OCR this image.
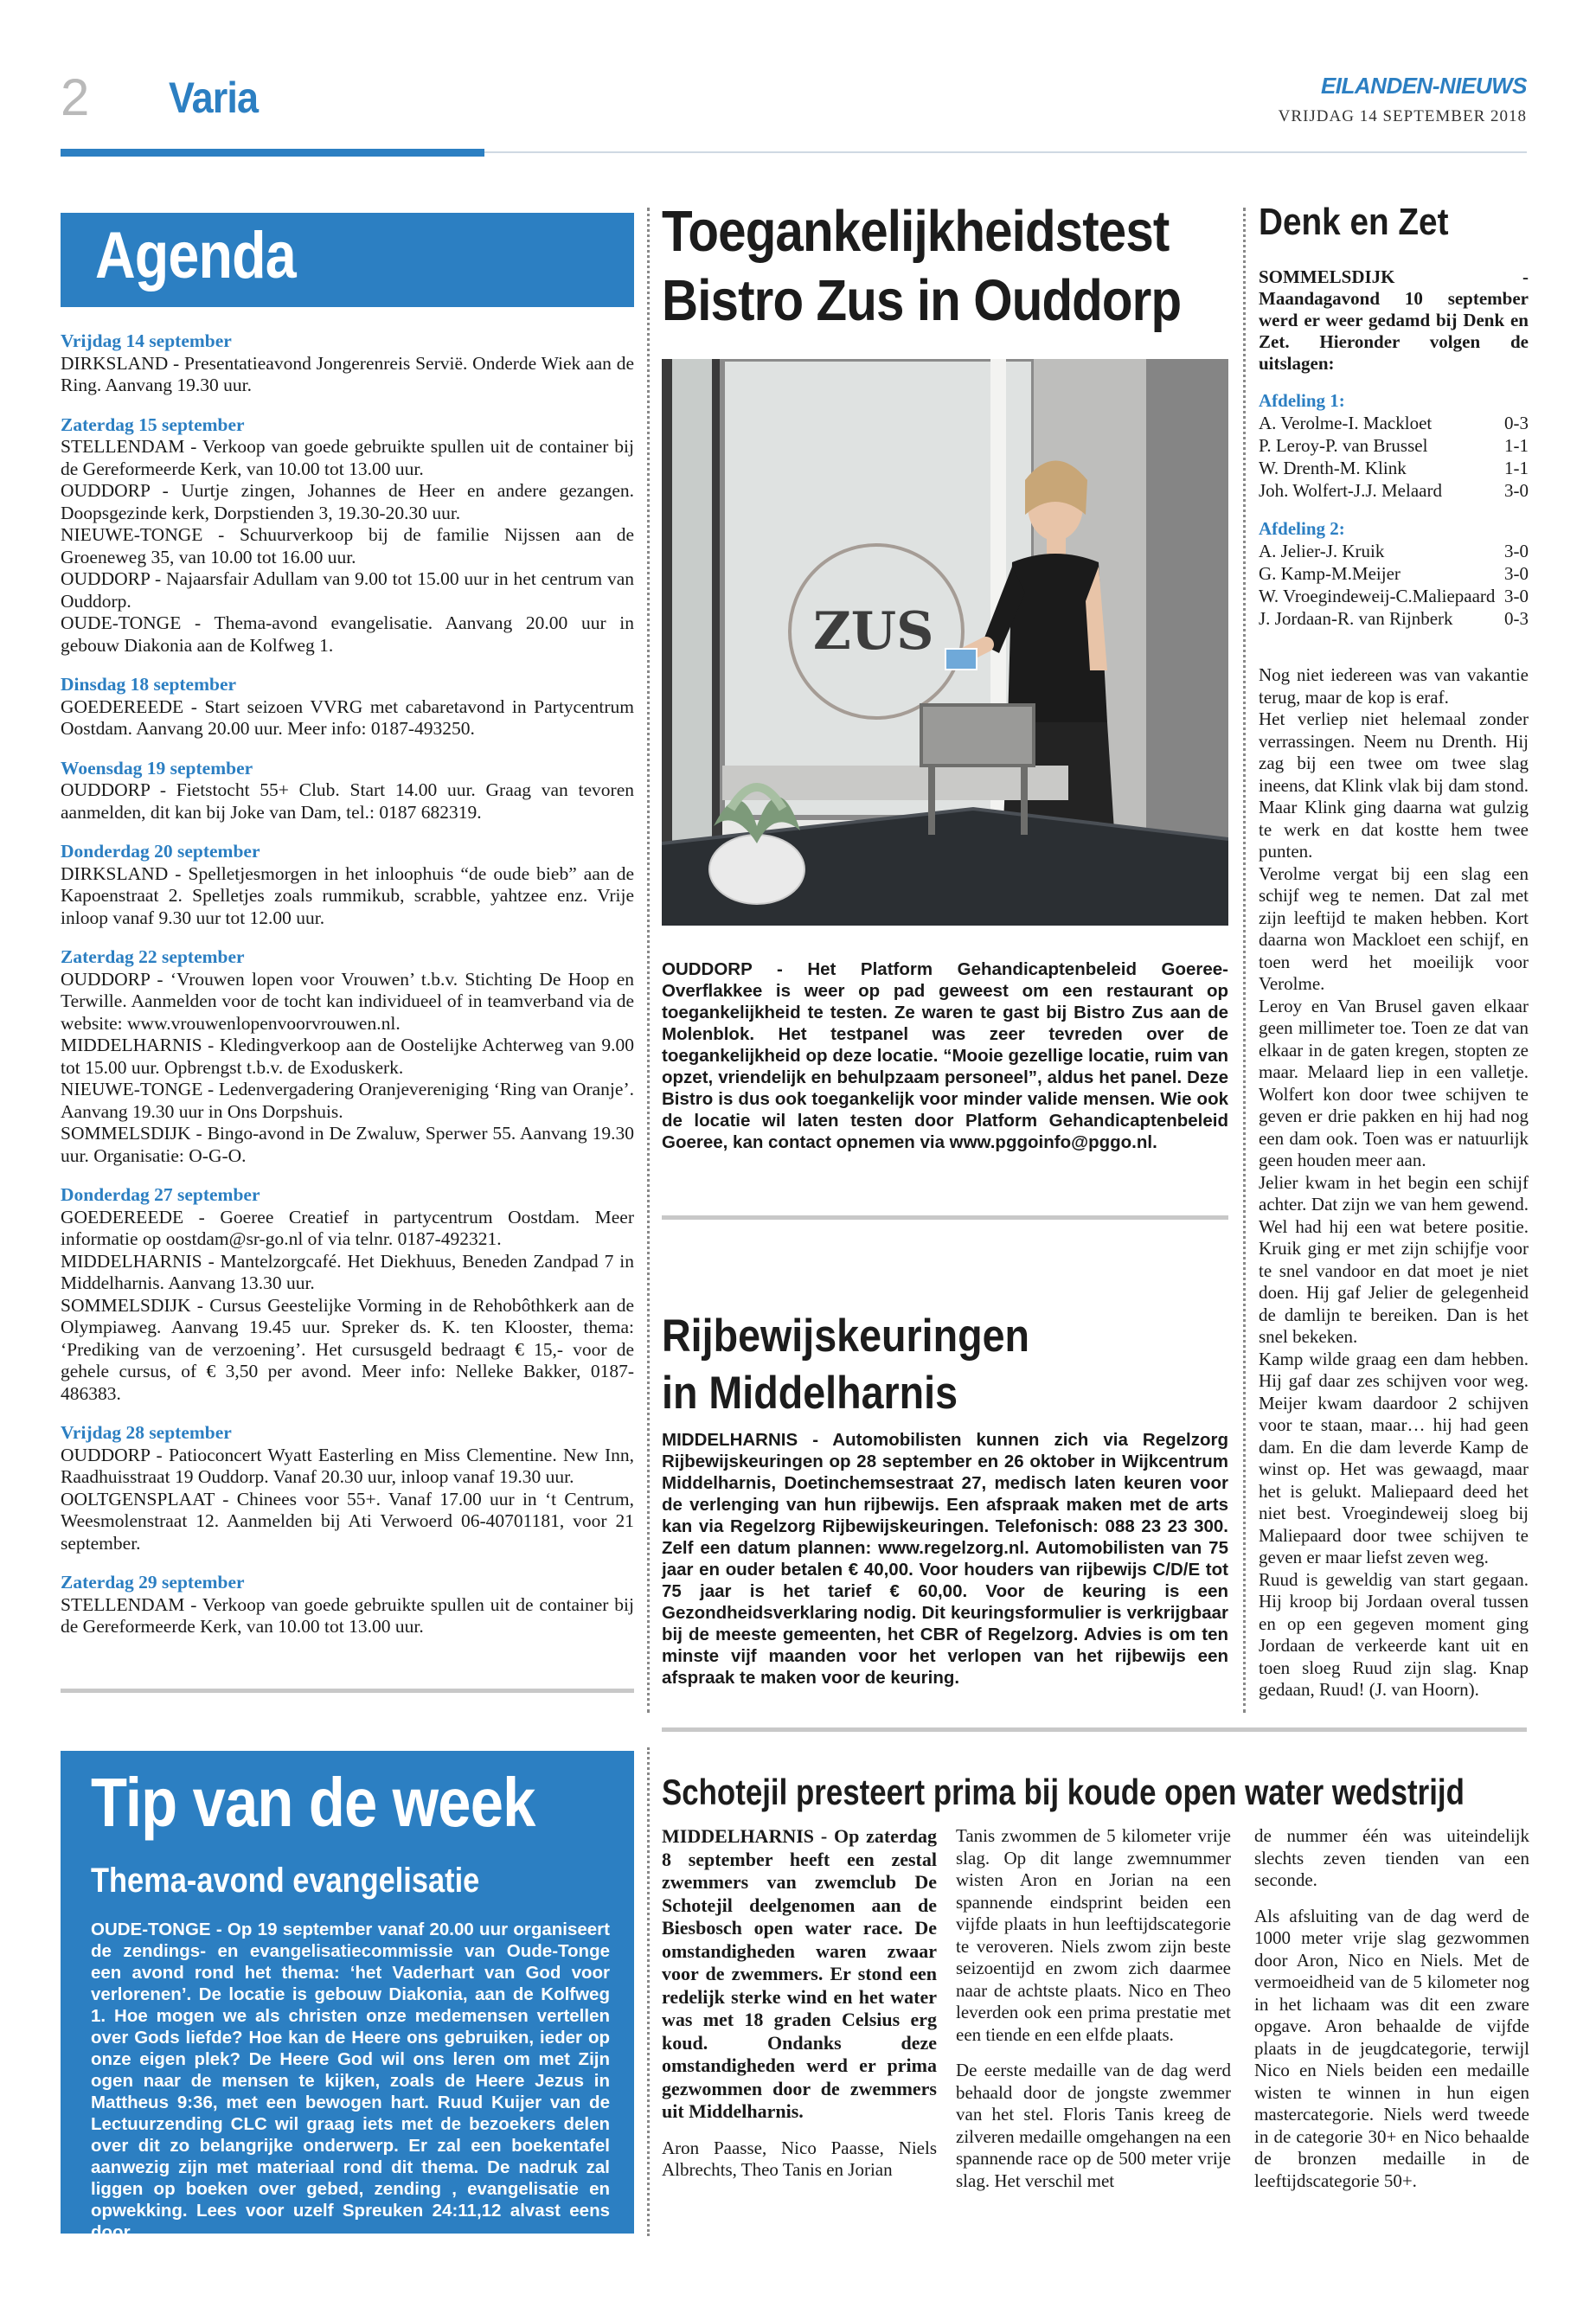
2 Varia	EILANDEN-NIEUWS
VRIJDAG 14 SEPTEMBER 2018
Agenda
Vrijdag 14 september
DIRKSLAND - Presentatieavond Jongerenreis Servië. Onderde Wiek aan de Ring. Aanvang 19.30 uur.
Zaterdag 15 september
STELLENDAM - Verkoop van goede gebruikte spullen uit de container bij de Gereformeerde Kerk, van 10.00 tot 13.00 uur.
OUDDORP - Uurtje zingen, Johannes de Heer en andere gezangen. Doopsgezinde kerk, Dorpstienden 3, 19.30-20.30 uur.
NIEUWE-TONGE - Schuurverkoop bij de familie Nijssen aan de Groeneweg 35, van 10.00 tot 16.00 uur.
OUDDORP - Najaarsfair Adullam van 9.00 tot 15.00 uur in het centrum van Ouddorp.
OUDE-TONGE - Thema-avond evangelisatie. Aanvang 20.00 uur in gebouw Diakonia aan de Kolfweg 1.
Dinsdag 18 september
GOEDEREEDE - Start seizoen VVRG met cabaretavond in Partycentrum Oostdam. Aanvang 20.00 uur. Meer info: 0187-493250.
Woensdag 19 september
OUDDORP - Fietstocht 55+ Club. Start 14.00 uur. Graag van tevoren aanmelden, dit kan bij Joke van Dam, tel.: 0187 682319.
Donderdag 20 september
DIRKSLAND - Spelletjesmorgen in het inloophuis “de oude bieb” aan de Kapoenstraat 2. Spelletjes zoals rummikub, scrabble, yahtzee enz. Vrije inloop vanaf 9.30 uur tot 12.00 uur.
Zaterdag 22 september
OUDDORP - ‘Vrouwen lopen voor Vrouwen’ t.b.v. Stichting De Hoop en Terwille. Aanmelden voor de tocht kan individueel of in teamverband via de website: www.vrouwenlopenvoorvrouwen.nl.
MIDDELHARNIS - Kledingverkoop aan de Oostelijke Achterweg van 9.00 tot 15.00 uur. Opbrengst t.b.v. de Exoduskerk.
NIEUWE-TONGE - Ledenvergadering Oranjevereniging ‘Ring van Oranje’. Aanvang 19.30 uur in Ons Dorpshuis.
SOMMELSDIJK - Bingo-avond in De Zwaluw, Sperwer 55. Aanvang 19.30 uur. Organisatie: O-G-O.
Donderdag 27 september
GOEDEREEDE - Goeree Creatief in partycentrum Oostdam. Meer informatie op oostdam@sr-go.nl of via telnr. 0187-492321.
MIDDELHARNIS - Mantelzorgcafé. Het Diekhuus, Beneden Zandpad 7 in Middelharnis. Aanvang 13.30 uur.
SOMMELSDIJK - Cursus Geestelijke Vorming in de Rehobôthkerk aan de Olympiaweg. Aanvang 19.45 uur. Spreker ds. K. ten Klooster, thema: ‘Prediking van de verzoening’. Het cursusgeld bedraagt € 15,- voor de gehele cursus, of € 3,50 per avond. Meer info: Nelleke Bakker, 0187-486383.
Vrijdag 28 september
OUDDORP - Patioconcert Wyatt Easterling en Miss Clementine. New Inn, Raadhuisstraat 19 Ouddorp. Vanaf 20.30 uur, inloop vanaf 19.30 uur.
OOLTGENSPLAAT - Chinees voor 55+. Vanaf 17.00 uur in ‘t Centrum, Weesmolenstraat 12. Aanmelden bij Ati Verwoerd 06-40701181, voor 21 september.
Zaterdag 29 september
STELLENDAM - Verkoop van goede gebruikte spullen uit de container bij de Gereformeerde Kerk, van 10.00 tot 13.00 uur.
Toegankelijkheidstest
Bistro Zus in Ouddorp
ZUS
OUDDORP - Het Platform Gehandicaptenbeleid Goeree-Overflakkee is weer op pad geweest om een restaurant op toegankelijkheid te testen. Ze waren te gast bij Bistro Zus aan de Molenblok. Het testpanel was zeer tevreden over de toegankelijkheid op deze locatie. “Mooie gezellige locatie, ruim van opzet, vriendelijk en behulpzaam personeel”, aldus het panel. Deze Bistro is dus ook toegankelijk voor minder valide mensen. Wie ook de locatie wil laten testen door Platform Gehandicaptenbeleid Goeree, kan contact opnemen via www.pggoinfo@pggo.nl.
Rijbewijskeuringen
in Middelharnis
MIDDELHARNIS - Automobilisten kunnen zich via Regelzorg Rijbewijskeuringen op 28 september en 26 oktober in Wijkcentrum Middelharnis, Doetinchemsestraat 27, medisch laten keuren voor de verlenging van hun rijbewijs. Een afspraak maken met de arts kan via Regelzorg Rijbewijskeuringen. Telefonisch: 088 23 23 300. Zelf een datum plannen: www.regelzorg.nl. Automobilisten van 75 jaar en ouder betalen € 40,00. Voor houders van rijbewijs C/D/E tot 75 jaar is het tarief € 60,00. Voor de keuring is een Gezondheidsverklaring nodig. Dit keuringsformulier is verkrijgbaar bij de meeste gemeenten, het CBR of Regelzorg. Advies is om ten minste vijf maanden voor het verlopen van het rijbewijs een afspraak te maken voor de keuring.
Denk en Zet
SOMMELSDIJK - Maandagavond 10 september werd er weer gedamd bij Denk en Zet. Hieronder volgen de uitslagen:
Afdeling 1:
A. Verolme-I. Mackloet	0-3
P. Leroy-P. van Brussel	1-1
W. Drenth-M. Klink	1-1
Joh. Wolfert-J.J. Melaard	3-0
Afdeling 2:
A. Jelier-J. Kruik	3-0
G. Kamp-M.Meijer	3-0
W. Vroegindeweij-C.Maliepaard 3-0
J. Jordaan-R. van Rijnberk	0-3
Nog niet iedereen was van vakantie terug, maar de kop is eraf.
Het verliep niet helemaal zonder verrassingen. Neem nu Drenth. Hij zag bij een twee om twee slag ineens, dat Klink vlak bij dam stond. Maar Klink ging daarna wat gulzig te werk en dat kostte hem twee punten.
Verolme vergat bij een slag een schijf weg te nemen. Dat zal met zijn leeftijd te maken hebben. Kort daarna won Mackloet een schijf, en toen werd het moeilijk voor Verolme.
Leroy en Van Brusel gaven elkaar geen millimeter toe. Toen ze dat van elkaar in de gaten kregen, stopten ze maar. Melaard liep in een valletje. Wolfert kon door twee schijven te geven er drie pakken en hij had nog een dam ook. Toen was er natuurlijk geen houden meer aan.
Jelier kwam in het begin een schijf achter. Dat zijn we van hem gewend. Wel had hij een wat betere positie. Kruik ging er met zijn schijfje voor te snel vandoor en dat moet je niet doen. Hij gaf Jelier de gelegenheid de damlijn te bereiken. Dan is het snel bekeken.
Kamp wilde graag een dam hebben. Hij gaf daar zes schijven voor weg. Meijer kwam daardoor 2 schijven voor te staan, maar… hij had geen dam. En die dam leverde Kamp de winst op. Het was gewaagd, maar het is gelukt. Maliepaard deed het niet best. Vroegindeweij sloeg bij Maliepaard door twee schijven te geven er maar liefst zeven weg.
Ruud is geweldig van start gegaan. Hij kroop bij Jordaan overal tussen en op een gegeven moment ging Jordaan de verkeerde kant uit en toen sloeg Ruud zijn slag. Knap gedaan, Ruud! (J. van Hoorn).
Tip van de week
Thema-avond evangelisatie
OUDE-TONGE - Op 19 september vanaf 20.00 uur organiseert de zendings- en evangelisatiecommissie van Oude-Tonge een avond rond het thema: ‘het Vaderhart van God voor verlorenen’. De locatie is gebouw Diakonia, aan de Kolfweg 1. Hoe mogen we als christen onze medemensen vertellen over Gods liefde? Hoe kan de Heere ons gebruiken, ieder op onze eigen plek? De Heere God wil ons leren om met Zijn ogen naar de mensen te kijken, zoals de Heere Jezus in Mattheus 9:36, met een bewogen hart. Ruud Kuijer van de Lectuurzending CLC wil graag iets met de bezoekers delen over dit zo belangrijke onderwerp. Er zal een boekentafel aanwezig zijn met materiaal rond dit thema. De nadruk zal liggen op boeken over gebed, zending , evangelisatie en opwekking. Lees voor uzelf Spreuken 24:11,12 alvast eens door.
Schotejil presteert prima bij koude open water wedstrijd
MIDDELHARNIS - Op zaterdag 8 september heeft een zestal zwemmers van zwemclub De Schotejil deelgenomen aan de Biesbosch open water race. De omstandigheden waren zwaar voor de zwemmers. Er stond een redelijk sterke wind en het water was met 18 graden Celsius erg koud. Ondanks deze omstandigheden werd er prima gezwommen door de zwemmers uit Middelharnis.

Aron Paasse, Nico Paasse, Niels Albrechts, Theo Tanis en Jorian

Tanis zwommen de 5 kilometer vrije slag. Op dit lange zwemnummer wisten Aron en Jorian na een spannende eindsprint beiden een vijfde plaats in hun leeftijdscategorie te veroveren. Niels zwom zijn beste seizoentijd en zwom zich daarmee naar de achtste plaats. Nico en Theo leverden ook een prima prestatie met een tiende en een elfde plaats.

De eerste medaille van de dag werd behaald door de jongste zwemmer van het stel. Floris Tanis kreeg de zilveren medaille omgehangen na een spannende race op de 500 meter vrije slag. Het verschil met

de nummer één was uiteindelijk slechts zeven tienden van een seconde.

Als afsluiting van de dag werd de 1000 meter vrije slag gezwommen door Aron, Nico en Niels. Met de vermoeidheid van de 5 kilometer nog in het lichaam was dit een zware opgave. Aron behaalde de vijfde plaats in de jeugdcategorie, terwijl Nico en Niels beiden een medaille wisten te winnen in hun eigen mastercategorie. Niels werd tweede in de categorie 30+ en Nico behaalde de bronzen medaille in de leeftijdscategorie 50+.
